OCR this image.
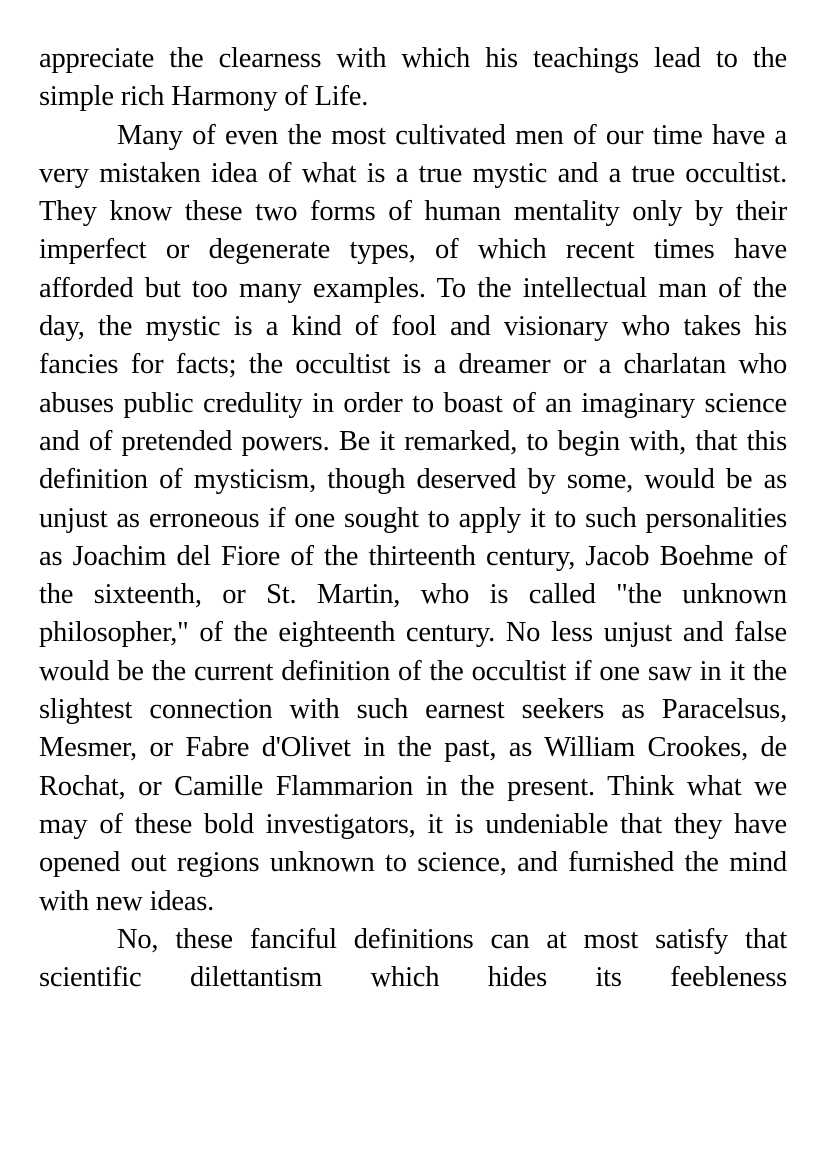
appreciate the clearness with which his teachings lead to the simple rich Harmony of Life.

Many of even the most cultivated men of our time have a very mistaken idea of what is a true mystic and a true occultist. They know these two forms of human mentality only by their imperfect or degenerate types, of which recent times have afforded but too many examples. To the intellectual man of the day, the mystic is a kind of fool and visionary who takes his fancies for facts; the occultist is a dreamer or a charlatan who abuses public credulity in order to boast of an imaginary science and of pretended powers. Be it remarked, to begin with, that this definition of mysticism, though deserved by some, would be as unjust as erroneous if one sought to apply it to such personalities as Joachim del Fiore of the thirteenth century, Jacob Boehme of the sixteenth, or St. Martin, who is called "the unknown philosopher," of the eighteenth century. No less unjust and false would be the current definition of the occultist if one saw in it the slightest connection with such earnest seekers as Paracelsus, Mesmer, or Fabre d'Olivet in the past, as William Crookes, de Rochat, or Camille Flammarion in the present. Think what we may of these bold investigators, it is undeniable that they have opened out regions unknown to science, and furnished the mind with new ideas.

No, these fanciful definitions can at most satisfy that scientific dilettantism which hides its feebleness
